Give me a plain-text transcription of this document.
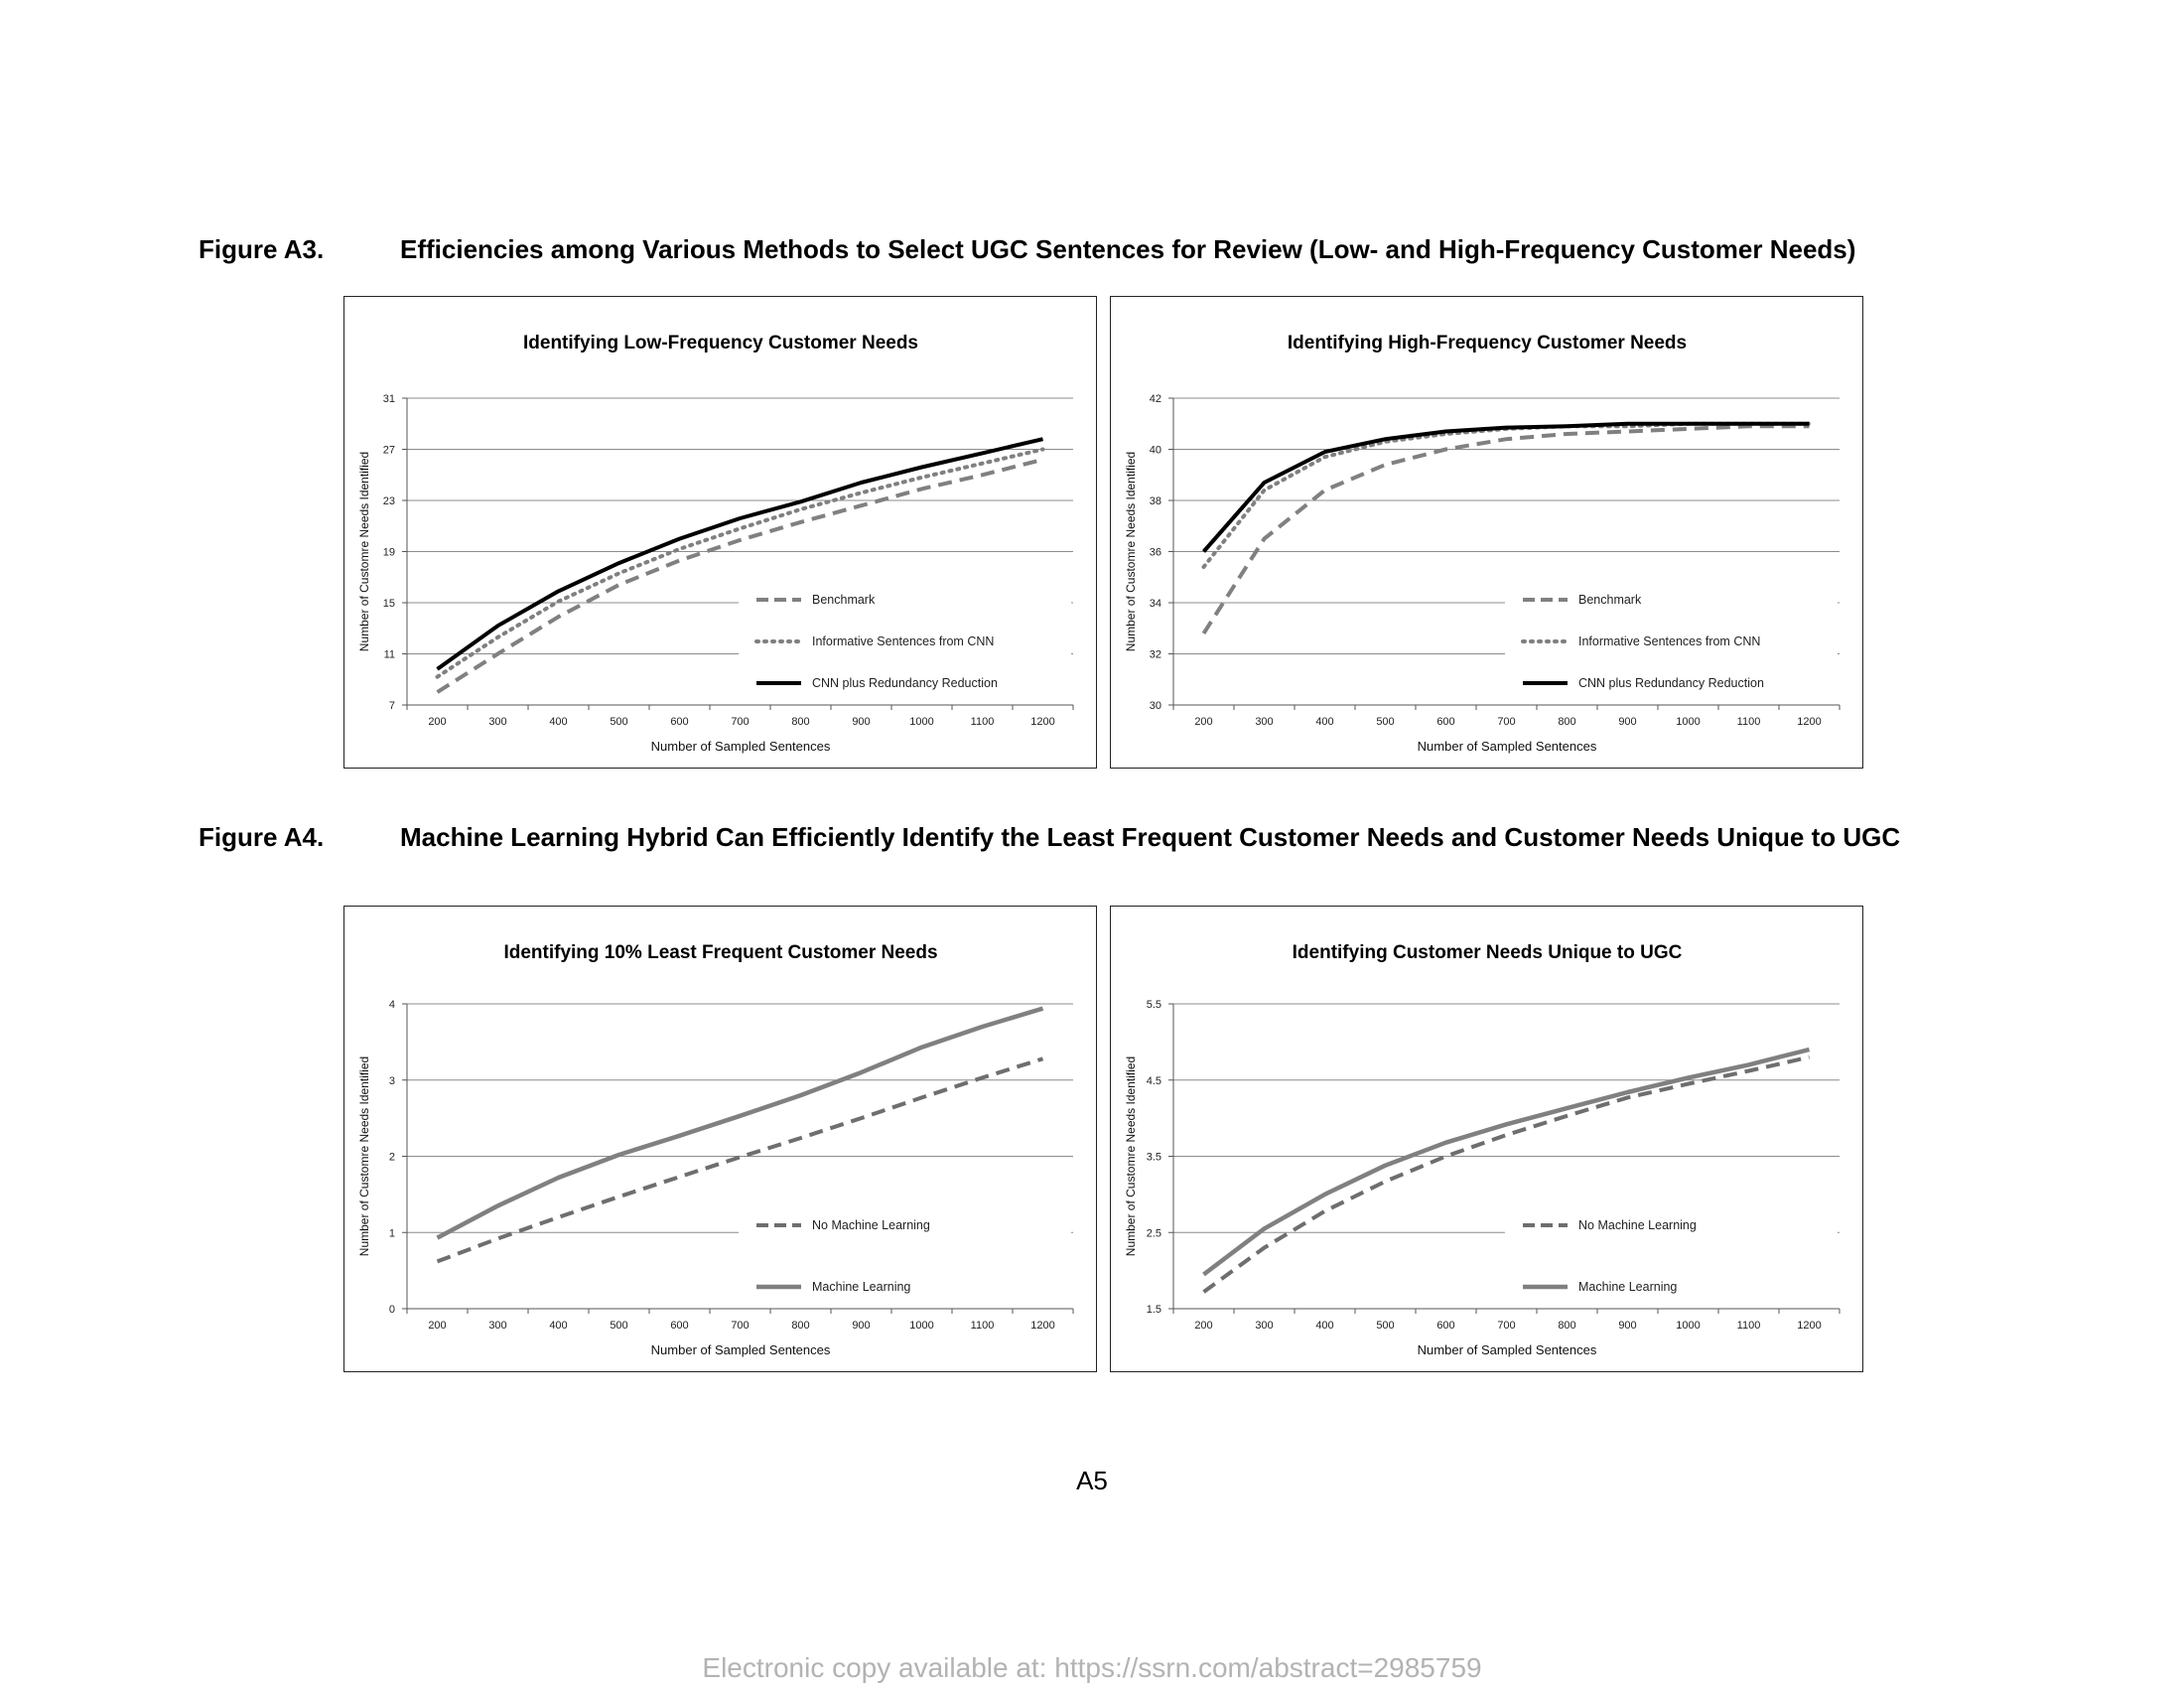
Figure A3.	Efficiencies among Various Methods to Select UGC Sentences for Review (Low- and High-Frequency Customer Needs)
Identifying Low-Frequency Customer Needs
7
11
15
19
23
27
31
200	300	400	500	600	700	800	900	1000	1100	1200
Number of Sampled Sentences
Number of Customre Needs Identified	Benchmark
Informative Sentences from CNN
CNN plus Redundancy Reduction
Identifying High-Frequency Customer Needs
30
32
34
36
38
40
42
200	300	400	500	600	700	800	900	1000	1100	1200
Number of Sampled Sentences
Number of Customre Needs Identified	Benchmark
Informative Sentences from CNN
CNN plus Redundancy Reduction
Figure A4.	Machine Learning Hybrid Can Efficiently Identify the Least Frequent Customer Needs and Customer Needs Unique to UGC
Identifying 10% Least Frequent Customer Needs
0
1
2
3
4
200	300	400	500	600	700	800	900	1000	1100	1200
Number of Sampled Sentences
Number of Customre Needs Identified	No Machine Learning
Machine Learning
Identifying Customer Needs Unique to UGC
1.5
2.5
3.5
4.5
5.5
200	300	400	500	600	700	800	900	1000	1100	1200
Number of Sampled Sentences
Number of Customre Needs Identified	No Machine Learning
Machine Learning
A5
Electronic copy available at: https://ssrn.com/abstract=2985759
